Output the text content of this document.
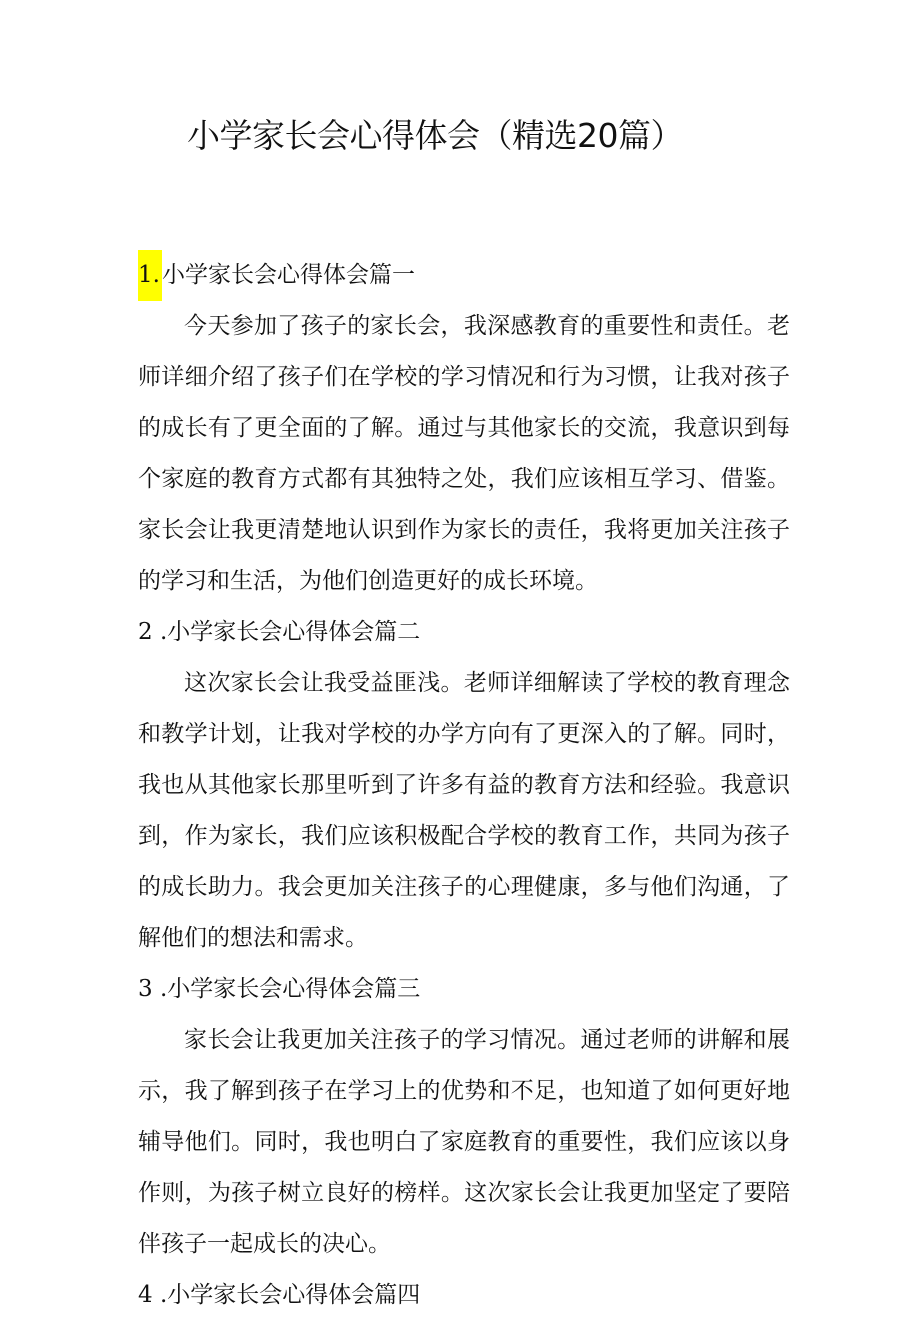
小学家长会心得体会（精选20篇）
1.小学家长会心得体会篇一

今天参加了孩子的家长会，我深感教育的重要性和责任。老师详细介绍了孩子们在学校的学习情况和行为习惯，让我对孩子的成长有了更全面的了解。通过与其他家长的交流，我意识到每个家庭的教育方式都有其独特之处，我们应该相互学习、借鉴。家长会让我更清楚地认识到作为家长的责任，我将更加关注孩子的学习和生活，为他们创造更好的成长环境。

2 .小学家长会心得体会篇二

这次家长会让我受益匪浅。老师详细解读了学校的教育理念和教学计划，让我对学校的办学方向有了更深入的了解。同时，我也从其他家长那里听到了许多有益的教育方法和经验。我意识到，作为家长，我们应该积极配合学校的教育工作，共同为孩子的成长助力。我会更加关注孩子的心理健康，多与他们沟通，了解他们的想法和需求。

3 .小学家长会心得体会篇三

家长会让我更加关注孩子的学习情况。通过老师的讲解和展示，我了解到孩子在学习上的优势和不足，也知道了如何更好地辅导他们。同时，我也明白了家庭教育的重要性，我们应该以身作则，为孩子树立良好的榜样。这次家长会让我更加坚定了要陪伴孩子一起成长的决心。

4 .小学家长会心得体会篇四
